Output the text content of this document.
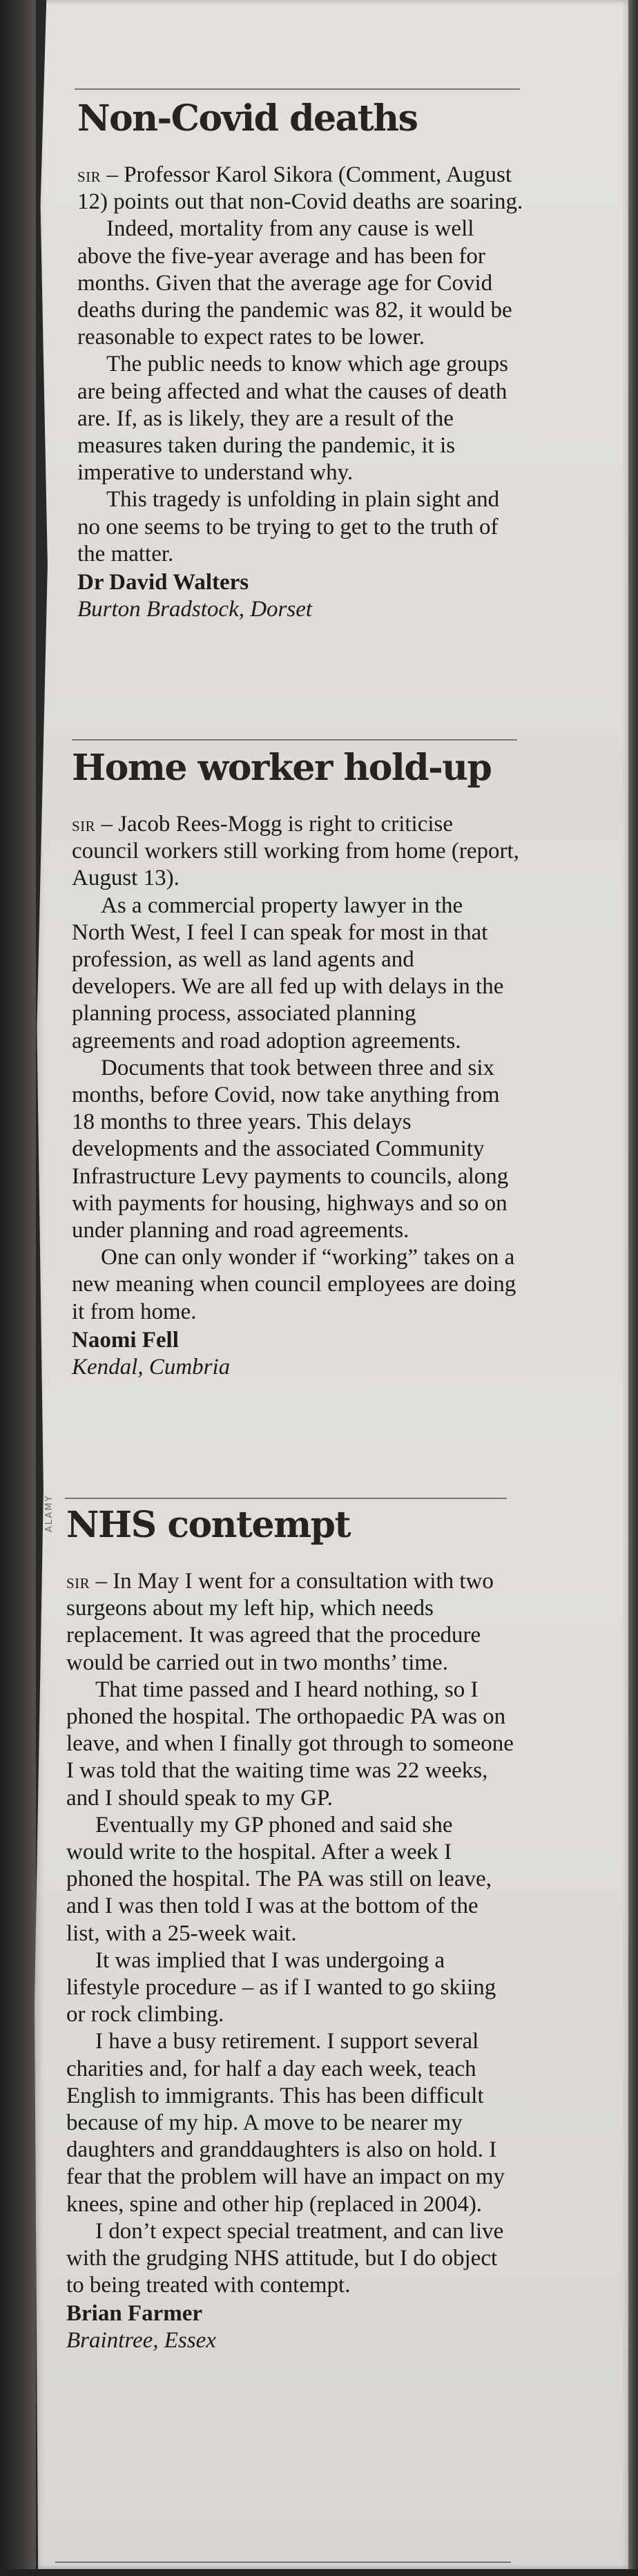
Non-Covid deaths

sir – Professor Karol Sikora (Comment, August 12) points out that non-Covid deaths are soaring.

Indeed, mortality from any cause is well above the five-year average and has been for months. Given that the average age for Covid deaths during the pandemic was 82, it would be reasonable to expect rates to be lower.

The public needs to know which age groups are being affected and what the causes of death are. If, as is likely, they are a result of the measures taken during the pandemic, it is imperative to understand why.

This tragedy is unfolding in plain sight and no one seems to be trying to get to the truth of the matter.

Dr David Walters
Burton Bradstock, Dorset
Home worker hold-up

sir – Jacob Rees-Mogg is right to criticise council workers still working from home (report, August 13).

As a commercial property lawyer in the North West, I feel I can speak for most in that profession, as well as land agents and developers. We are all fed up with delays in the planning process, associated planning agreements and road adoption agreements.

Documents that took between three and six months, before Covid, now take anything from 18 months to three years. This delays developments and the associated Community Infrastructure Levy payments to councils, along with payments for housing, highways and so on under planning and road agreements.

One can only wonder if “working” takes on a new meaning when council employees are doing it from home.

Naomi Fell
Kendal, Cumbria
ALAMY NHS contempt

sir – In May I went for a consultation with two surgeons about my left hip, which needs replacement. It was agreed that the procedure would be carried out in two months’ time.

That time passed and I heard nothing, so I phoned the hospital. The orthopaedic PA was on leave, and when I finally got through to someone I was told that the waiting time was 22 weeks, and I should speak to my GP.

Eventually my GP phoned and said she would write to the hospital. After a week I phoned the hospital. The PA was still on leave, and I was then told I was at the bottom of the list, with a 25-week wait.

It was implied that I was undergoing a lifestyle procedure – as if I wanted to go skiing or rock climbing.

I have a busy retirement. I support several charities and, for half a day each week, teach English to immigrants. This has been difficult because of my hip. A move to be nearer my daughters and granddaughters is also on hold. I fear that the problem will have an impact on my knees, spine and other hip (replaced in 2004).

I don’t expect special treatment, and can live with the grudging NHS attitude, but I do object to being treated with contempt.

Brian Farmer
Braintree, Essex
